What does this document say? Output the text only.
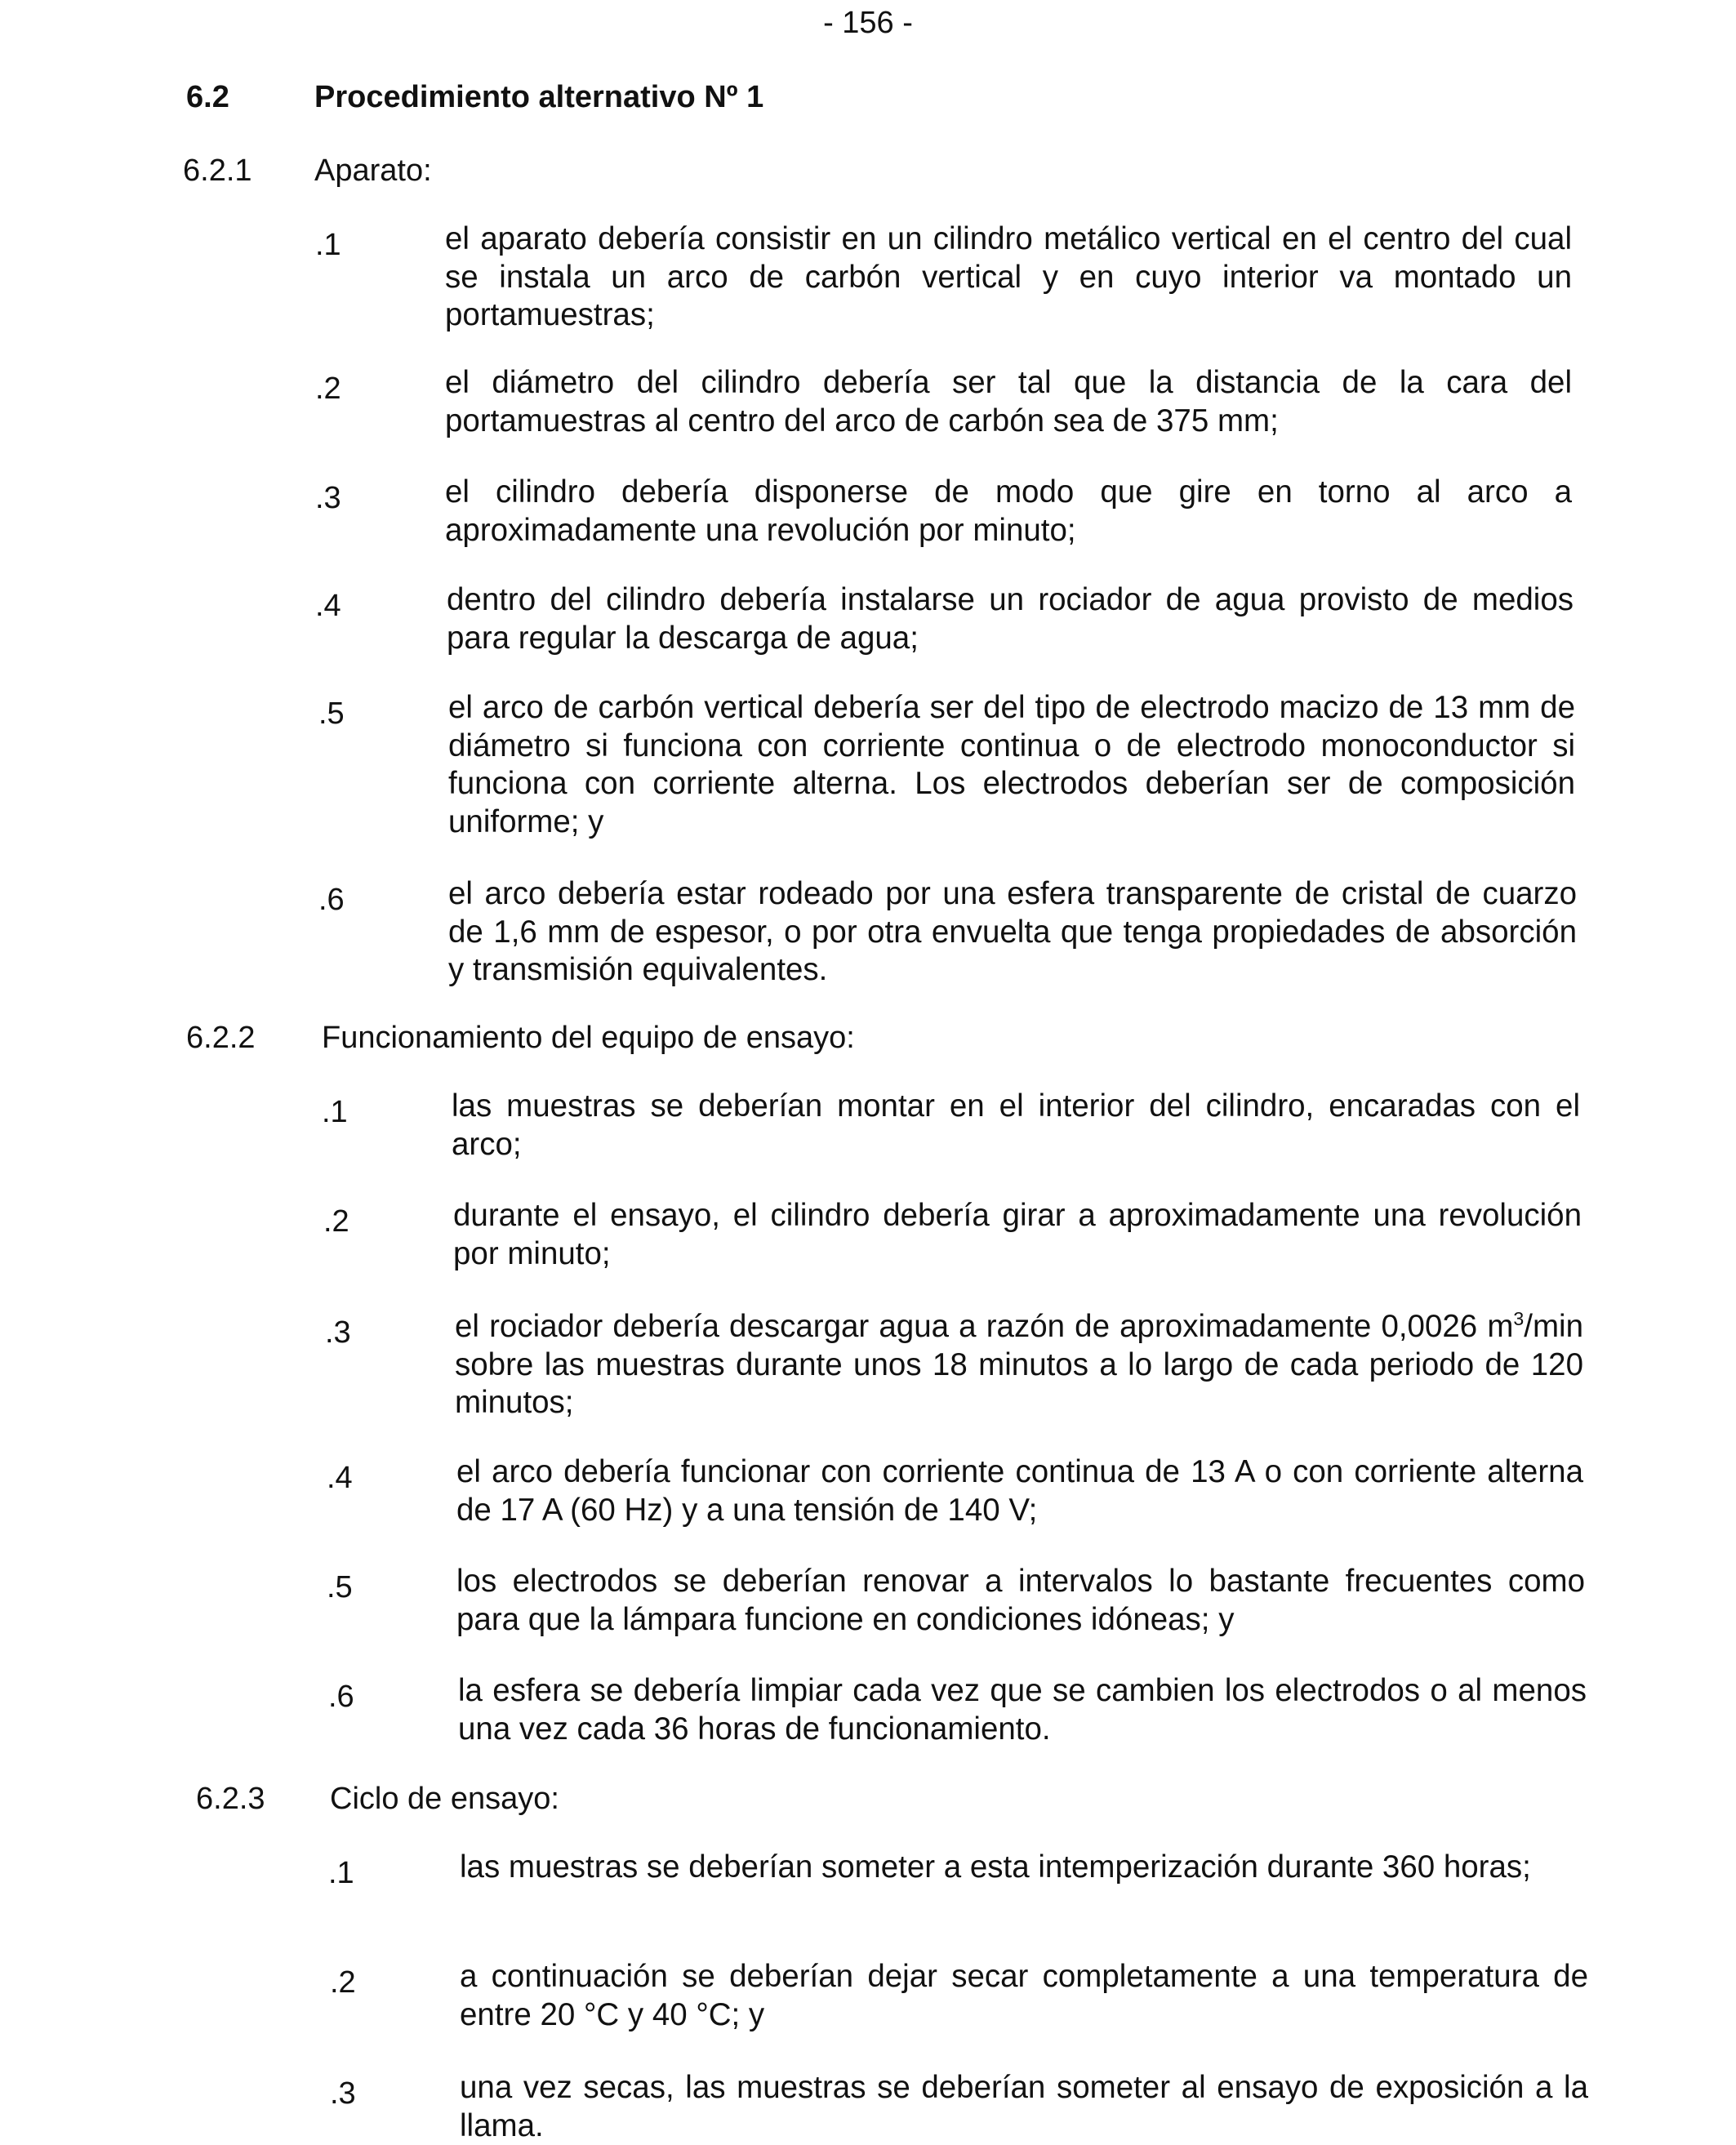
- 156 -
6.2	Procedimiento alternativo Nº 1
6.2.1 Aparato:
.1	el aparato debería consistir en un cilindro metálico vertical en el centro del cual se instala un arco de carbón vertical y en cuyo interior va montado un portamuestras;
.2	el diámetro del cilindro debería ser tal que la distancia de la cara del portamuestras al centro del arco de carbón sea de 375 mm;
.3	el cilindro debería disponerse de modo que gire en torno al arco a aproximadamente una revolución por minuto;
.4	dentro del cilindro debería instalarse un rociador de agua provisto de medios para regular la descarga de agua;
.5	el arco de carbón vertical debería ser del tipo de electrodo macizo de 13 mm de diámetro si funciona con corriente continua o de electrodo monoconductor si funciona con corriente alterna. Los electrodos deberían ser de composición uniforme; y
.6	el arco debería estar rodeado por una esfera transparente de cristal de cuarzo de 1,6 mm de espesor, o por otra envuelta que tenga propiedades de absorción y transmisión equivalentes.
6.2.2 Funcionamiento del equipo de ensayo:
.1	las muestras se deberían montar en el interior del cilindro, encaradas con el arco;
.2	durante el ensayo, el cilindro debería girar a aproximadamente una revolución por minuto;
.3	el rociador debería descargar agua a razón de aproximadamente 0,0026 $m^3/\min$ sobre las muestras durante unos 18 minutos a lo largo de cada periodo de 120 minutos;
.4	el arco debería funcionar con corriente continua de 13 A o con corriente alterna de 17 A (60 Hz) y a una tensión de 140 V;
.5	los electrodos se deberían renovar a intervalos lo bastante frecuentes como para que la lámpara funcione en condiciones idóneas; y
.6	la esfera se debería limpiar cada vez que se cambien los electrodos o al menos una vez cada 36 horas de funcionamiento.
6.2.3 Ciclo de ensayo:
.1	las muestras se deberían someter a esta intemperización durante 360 horas;
.2	a continuación se deberían dejar secar completamente a una temperatura de entre 20 °C y 40 °C; y
.3	una vez secas, las muestras se deberían someter al ensayo de exposición a la llama.
